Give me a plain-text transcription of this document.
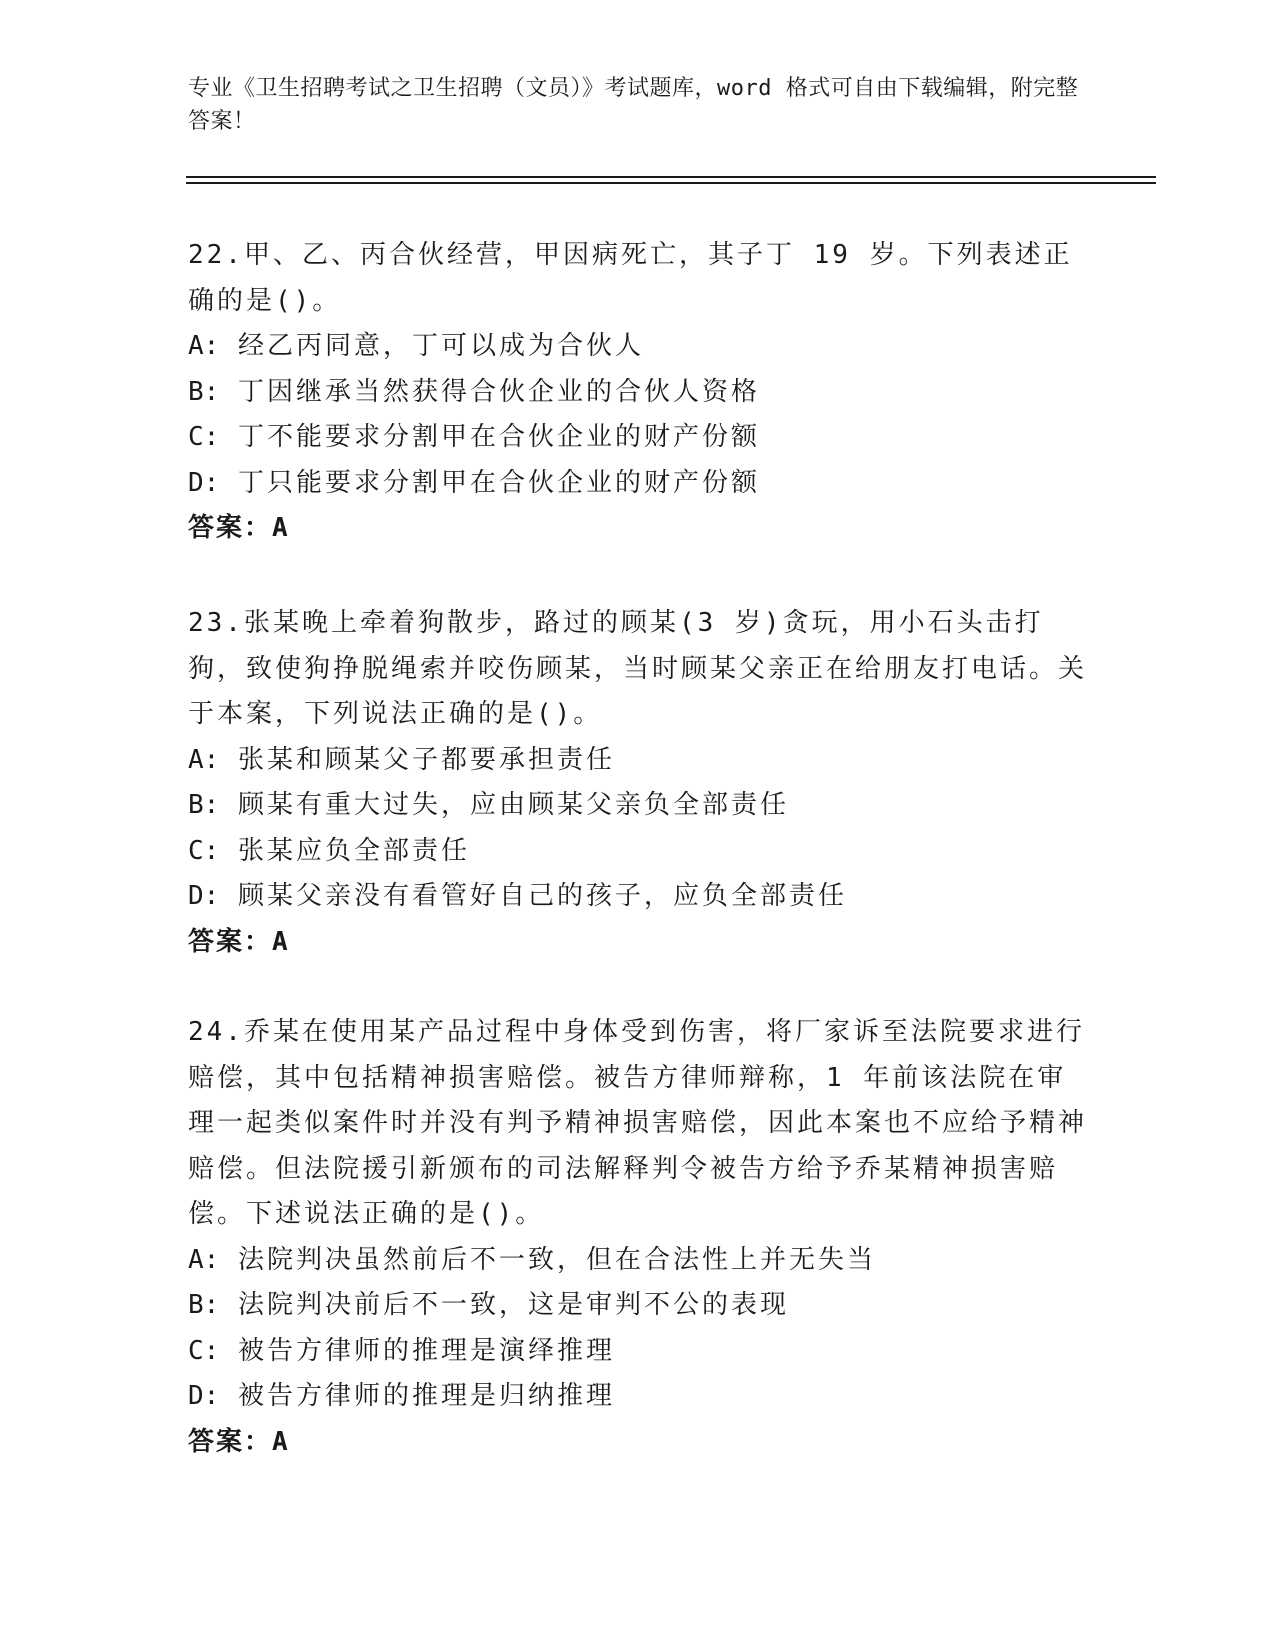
专业《卫生招聘考试之卫生招聘（文员）》考试题库，word 格式可自由下载编辑，附完整答案！

22.甲、乙、丙合伙经营，甲因病死亡，其子丁 19 岁。下列表述正确的是()。

A: 经乙丙同意，丁可以成为合伙人

B: 丁因继承当然获得合伙企业的合伙人资格

C: 丁不能要求分割甲在合伙企业的财产份额

D: 丁只能要求分割甲在合伙企业的财产份额

答案：A

23.张某晚上牵着狗散步，路过的顾某(3 岁)贪玩，用小石头击打狗，致使狗挣脱绳索并咬伤顾某，当时顾某父亲正在给朋友打电话。关于本案，下列说法正确的是()。

A: 张某和顾某父子都要承担责任

B: 顾某有重大过失，应由顾某父亲负全部责任

C: 张某应负全部责任

D: 顾某父亲没有看管好自己的孩子，应负全部责任

答案：A

24.乔某在使用某产品过程中身体受到伤害，将厂家诉至法院要求进行赔偿，其中包括精神损害赔偿。被告方律师辩称，1 年前该法院在审理一起类似案件时并没有判予精神损害赔偿，因此本案也不应给予精神赔偿。但法院援引新颁布的司法解释判令被告方给予乔某精神损害赔偿。下述说法正确的是()。

A: 法院判决虽然前后不一致，但在合法性上并无失当

B: 法院判决前后不一致，这是审判不公的表现

C: 被告方律师的推理是演绎推理

D: 被告方律师的推理是归纳推理

答案：A
